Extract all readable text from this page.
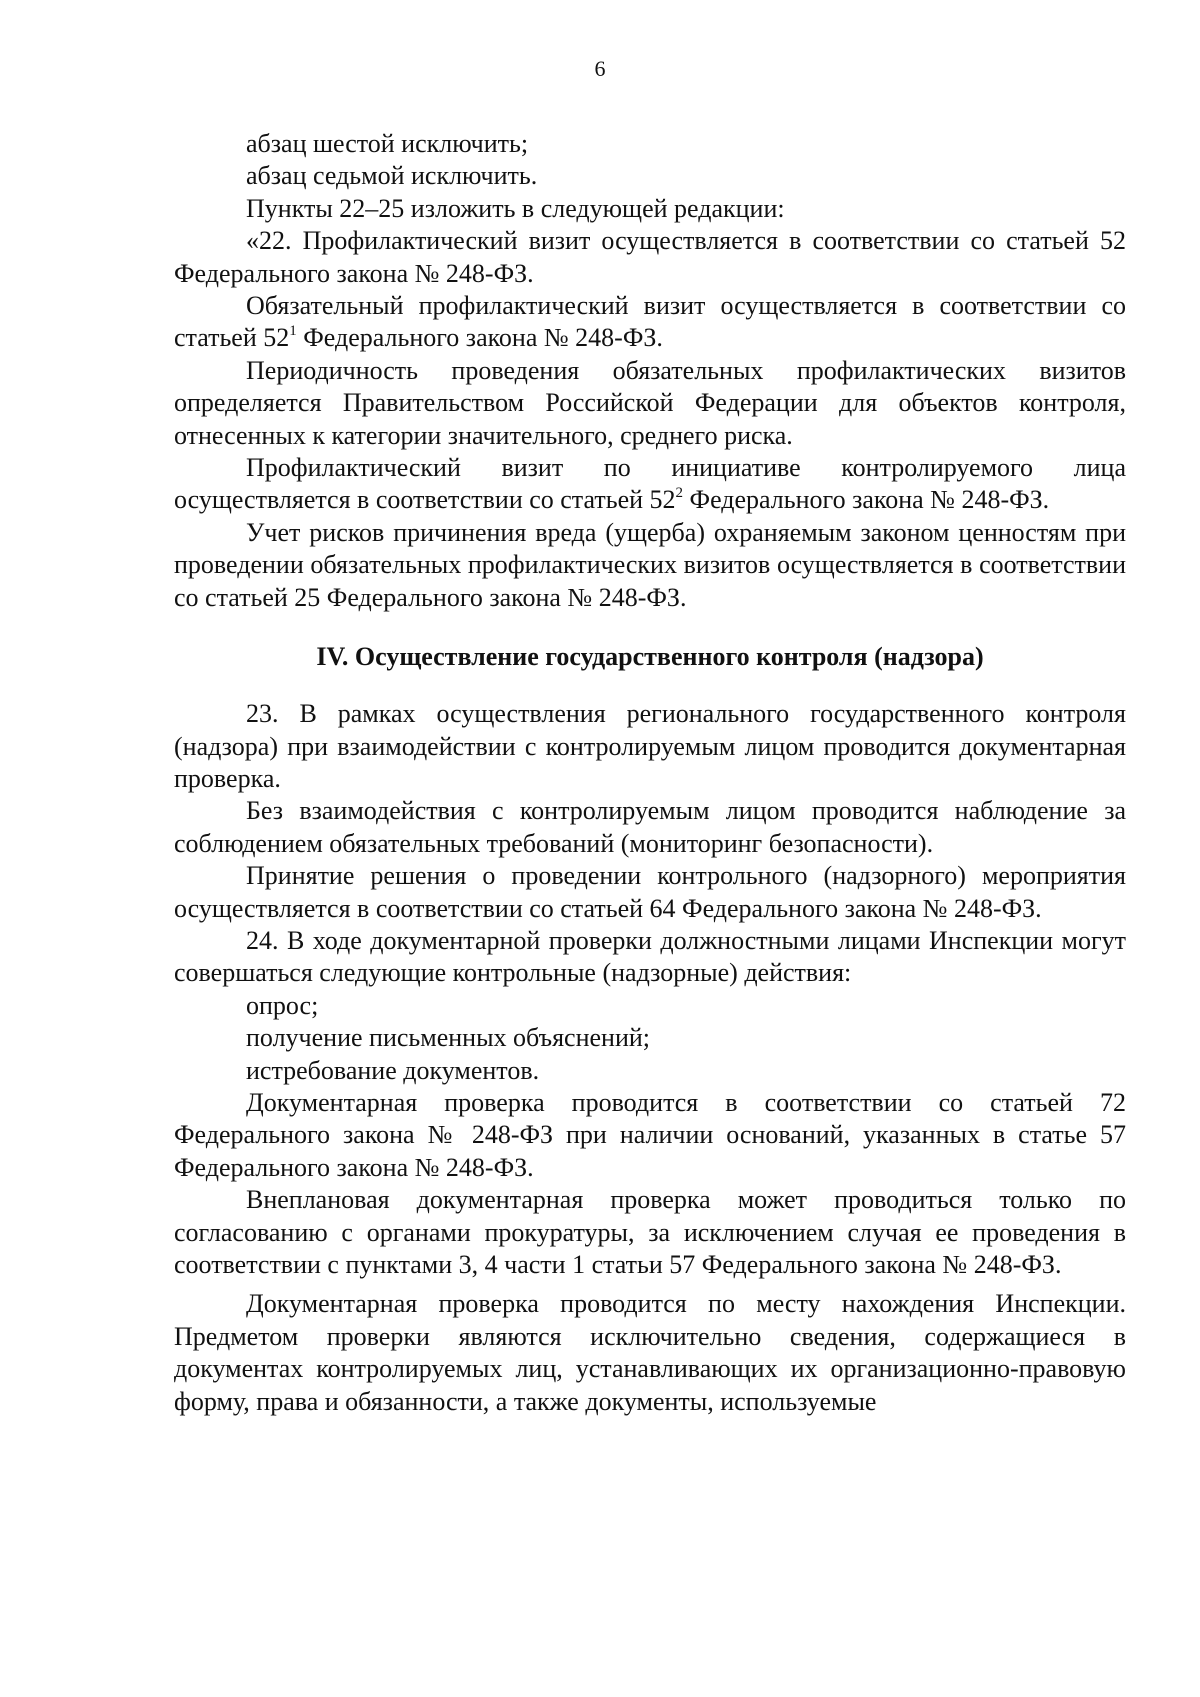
6

абзац шестой исключить;

абзац седьмой исключить.

Пункты 22–25 изложить в следующей редакции:

«22. Профилактический визит осуществляется в соответствии со статьей 52 Федерального закона № 248-ФЗ.

Обязательный профилактический визит осуществляется в соответствии со статьей $52^1$ Федерального закона № 248-ФЗ.

Периодичность проведения обязательных профилактических визитов определяется Правительством Российской Федерации для объектов контроля, отнесенных к категории значительного, среднего риска.

Профилактический визит по инициативе контролируемого лица осуществляется в соответствии со статьей $52^2$ Федерального закона № 248-ФЗ.

Учет рисков причинения вреда (ущерба) охраняемым законом ценностям при проведении обязательных профилактических визитов осуществляется в соответствии со статьей 25 Федерального закона № 248-ФЗ.

IV. Осуществление государственного контроля (надзора)

23. В рамках осуществления регионального государственного контроля (надзора) при взаимодействии с контролируемым лицом проводится документарная проверка.

Без взаимодействия с контролируемым лицом проводится наблюдение за соблюдением обязательных требований (мониторинг безопасности).

Принятие решения о проведении контрольного (надзорного) мероприятия осуществляется в соответствии со статьей 64 Федерального закона № 248-ФЗ.

24. В ходе документарной проверки должностными лицами Инспекции могут совершаться следующие контрольные (надзорные) действия:

опрос;

получение письменных объяснений;

истребование документов.

Документарная проверка проводится в соответствии со статьей 72 Федерального закона № 248-ФЗ при наличии оснований, указанных в статье 57 Федерального закона № 248-ФЗ.

Внеплановая документарная проверка может проводиться только по согласованию с органами прокуратуры, за исключением случая ее проведения в соответствии с пунктами 3, 4 части 1 статьи 57 Федерального закона № 248-ФЗ.

Документарная проверка проводится по месту нахождения Инспекции. Предметом проверки являются исключительно сведения, содержащиеся в документах контролируемых лиц, устанавливающих их организационно-правовую форму, права и обязанности, а также документы, используемые
